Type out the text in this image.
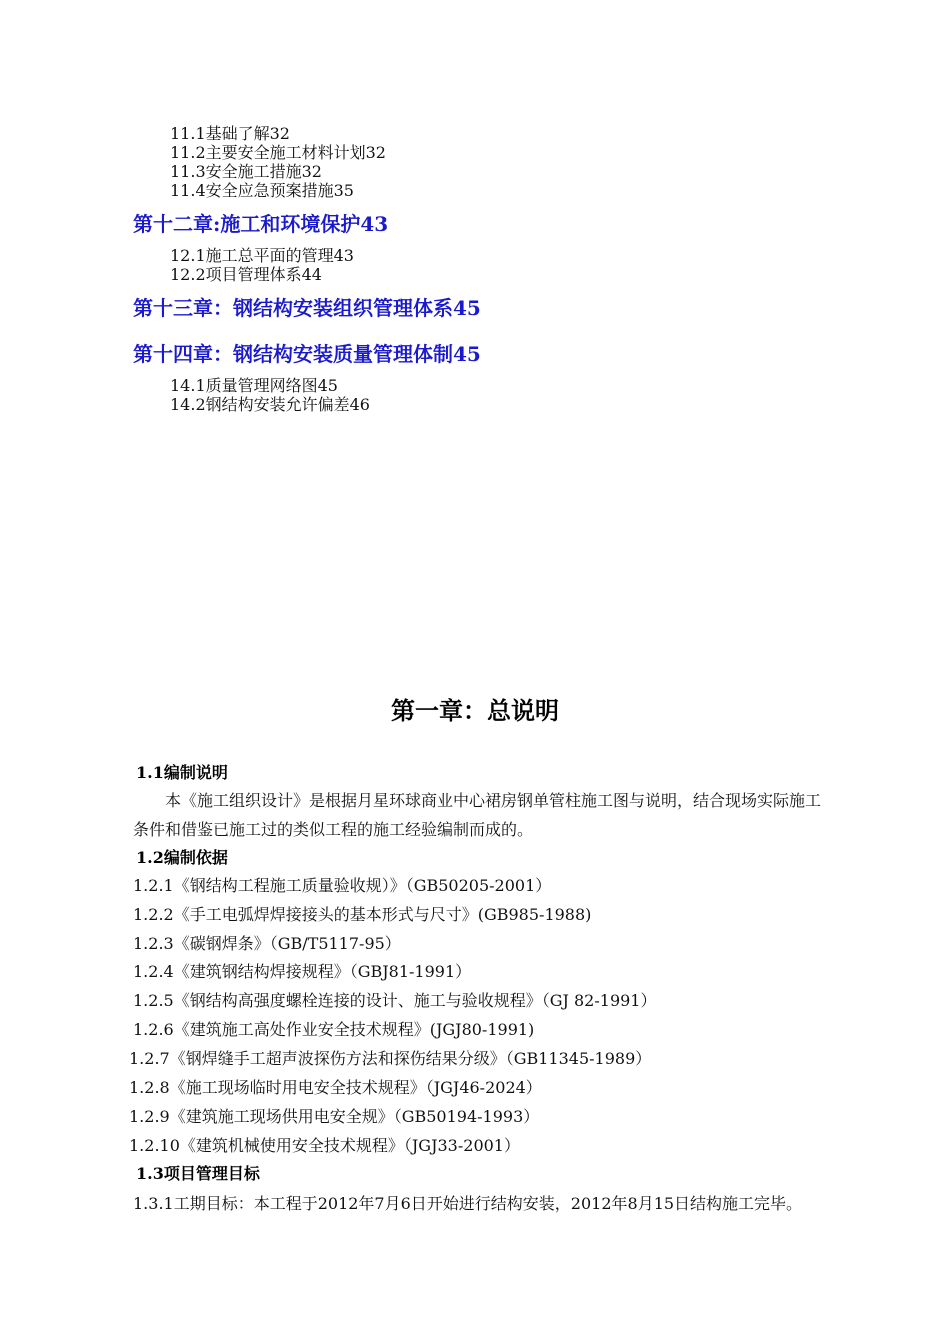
11.1基础了解32
11.2主要安全施工材料计划32
11.3安全施工措施32
11.4安全应急预案措施35
第十二章:施工和环境保护43
12.1施工总平面的管理43
12.2项目管理体系44
第十三章：钢结构安装组织管理体系45
第十四章：钢结构安装质量管理体制45
14.1质量管理网络图45
14.2钢结构安装允许偏差46
第一章：总说明
1.1编制说明
本《施工组织设计》是根据月星环球商业中心裙房钢单管柱施工图与说明，结合现场实际施工条件和借鉴已施工过的类似工程的施工经验编制而成的。
1.2编制依据
1.2.1《钢结构工程施工质量验收规）》（GB50205-2001）
1.2.2《手工电弧焊焊接接头的基本形式与尺寸》(GB985-1988)
1.2.3《碳钢焊条》（GB/T5117-95）
1.2.4《建筑钢结构焊接规程》（GBJ81-1991）
1.2.5《钢结构高强度螺栓连接的设计、施工与验收规程》（GJ 82-1991）
1.2.6《建筑施工高处作业安全技术规程》(JGJ80-1991)
1.2.7《钢焊缝手工超声波探伤方法和探伤结果分级》（GB11345-1989）
1.2.8《施工现场临时用电安全技术规程》（JGJ46-2024）
1.2.9《建筑施工现场供用电安全规》（GB50194-1993）
1.2.10《建筑机械使用安全技术规程》（JGJ33-2001）
1.3项目管理目标
1.3.1工期目标：本工程于2012年7月6日开始进行结构安装，2012年8月15日结构施工完毕。
